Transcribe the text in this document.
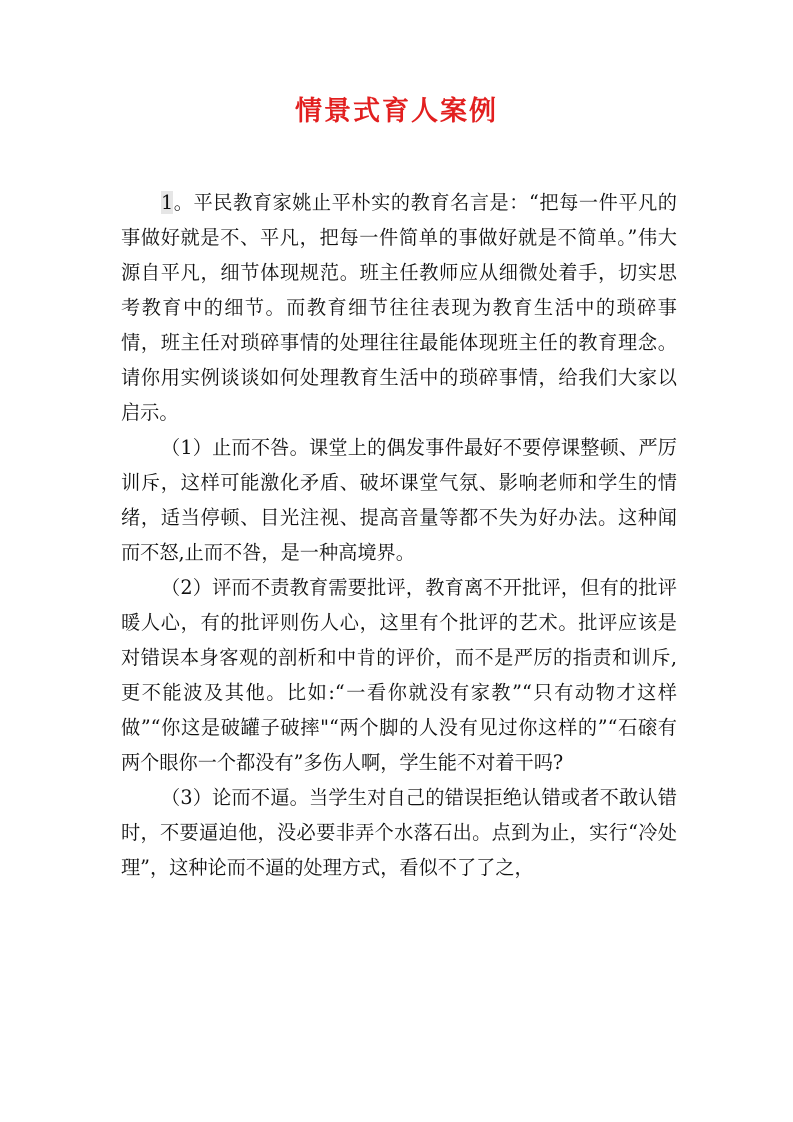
情景式育人案例

1。平民教育家姚止平朴实的教育名言是：“把每一件平凡的事做好就是不、平凡，把每一件简单的事做好就是不简单。”伟大源自平凡，细节体现规范。班主任教师应从细微处着手，切实思考教育中的细节。而教育细节往往表现为教育生活中的琐碎事情，班主任对琐碎事情的处理往往最能体现班主任的教育理念。请你用实例谈谈如何处理教育生活中的琐碎事情，给我们大家以启示。

（1）止而不咎。课堂上的偶发事件最好不要停课整顿、严厉训斥，这样可能激化矛盾、破坏课堂气氛、影响老师和学生的情绪，适当停顿、目光注视、提高音量等都不失为好办法。这种闻而不怒,止而不咎，是一种高境界。

（2）评而不责教育需要批评，教育离不开批评，但有的批评暖人心，有的批评则伤人心，这里有个批评的艺术。批评应该是对错误本身客观的剖析和中肯的评价，而不是严厉的指责和训斥,更不能波及其他。比如:“一看你就没有家教”“只有动物才这样做”“你这是破罐子破摔"“两个脚的人没有见过你这样的”“石磙有两个眼你一个都没有”多伤人啊，学生能不对着干吗?

（3）论而不逼。当学生对自己的错误拒绝认错或者不敢认错时，不要逼迫他，没必要非弄个水落石出。点到为止，实行“冷处理”，这种论而不逼的处理方式，看似不了了之，
